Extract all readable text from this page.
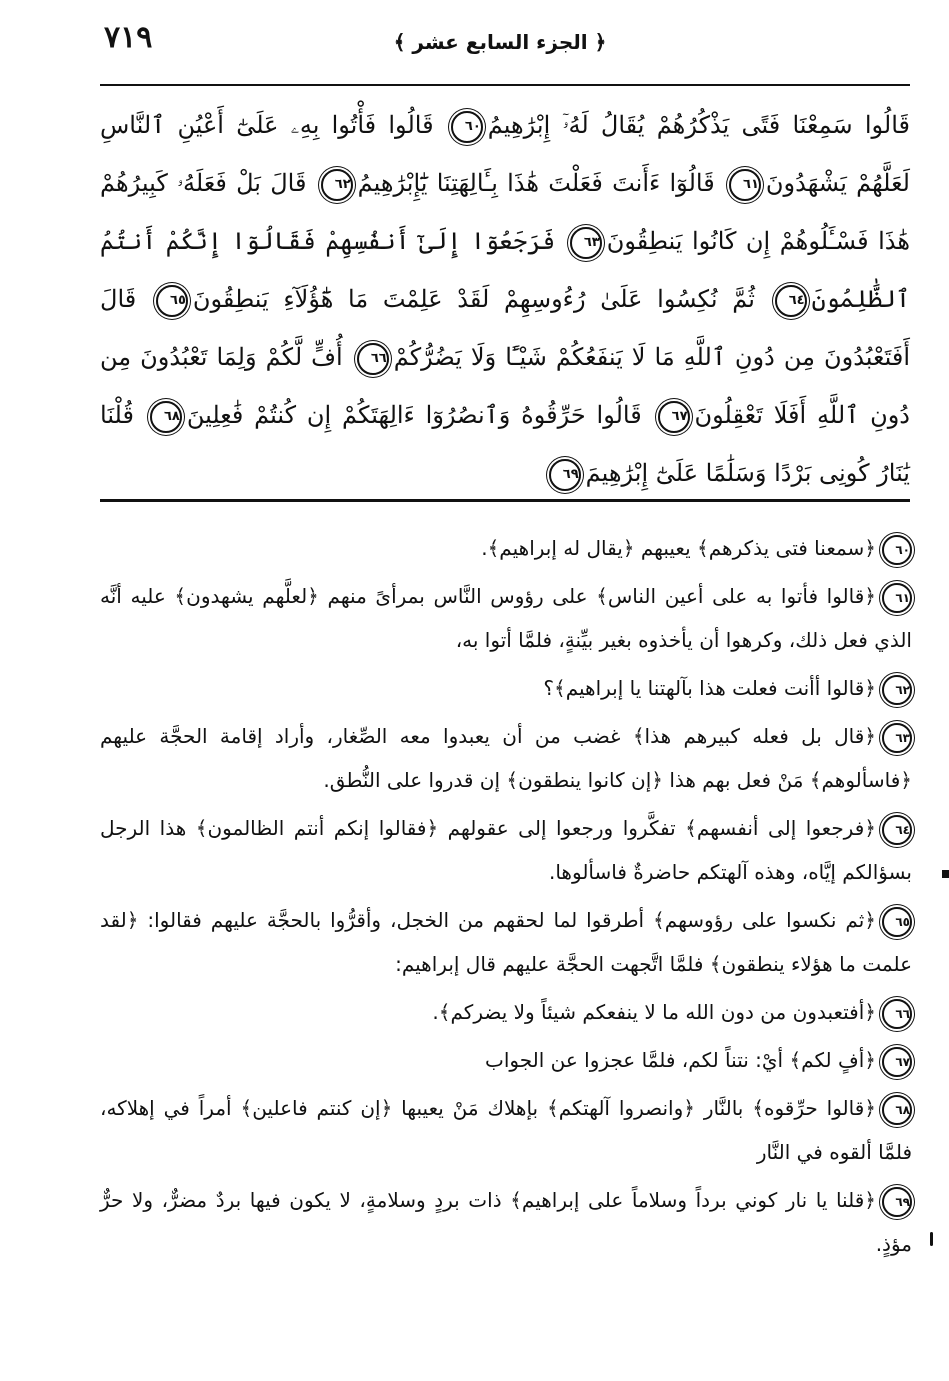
٧١٩	﴿ الجزء السابع عشر ﴾
قَالُوا سَمِعْنَا فَتًى يَذْكُرُهُمْ يُقَالُ لَهُۥٓ إِبْرَٰهِيمُ٦٠ قَالُوا فَأْتُوا بِهِۦ عَلَىٰٓ أَعْيُنِ ٱلنَّاسِ لَعَلَّهُمْ يَشْهَدُونَ٦١ قَالُوٓا ءَأَنتَ فَعَلْتَ هَٰذَا بِـَٔالِهَتِنَا يَٰٓإِبْرَٰهِيمُ٦٢ قَالَ بَلْ فَعَلَهُۥ كَبِيرُهُمْ هَٰذَا فَسْـَٔلُوهُمْ إِن كَانُوا يَنطِقُونَ٦٣ فَرَجَعُوٓا إِلَىٰٓ أَنفُسِهِمْ فَقَالُوٓا إِنَّكُمْ أَنتُمُ ٱلظَّٰلِمُونَ٦٤ ثُمَّ نُكِسُوا عَلَىٰ رُءُوسِهِمْ لَقَدْ عَلِمْتَ مَا هَٰٓؤُلَآءِ يَنطِقُونَ٦٥ قَالَ أَفَتَعْبُدُونَ مِن دُونِ ٱللَّهِ مَا لَا يَنفَعُكُمْ شَيْـًٔا وَلَا يَضُرُّكُمْ٦٦ أُفٍّ لَّكُمْ وَلِمَا تَعْبُدُونَ مِن دُونِ ٱللَّهِ أَفَلَا تَعْقِلُونَ٦٧ قَالُوا حَرِّقُوهُ وَٱنصُرُوٓا ءَالِهَتَكُمْ إِن كُنتُمْ فَٰعِلِينَ٦٨ قُلْنَا يَٰنَارُ كُونِى بَرْدًا وَسَلَٰمًا عَلَىٰٓ إِبْرَٰهِيمَ٦٩

٦٠﴿سمعنا فتى يذكرهم﴾ يعيبهم ﴿يقال له إبراهيم﴾.

٦١﴿قالوا فأتوا به على أعين الناس﴾ على رؤوس النَّاس بمرأىً منهم ﴿لعلَّهم يشهدون﴾ عليه أنَّه الذي فعل ذلك، وكرهوا أن يأخذوه بغير بيِّنةٍ، فلمَّا أتوا به،

٦٢﴿قالوا أأنت فعلت هذا بآلهتنا يا إبراهيم﴾؟

٦٣﴿قال بل فعله كبيرهم هذا﴾ غضب من أن يعبدوا معه الصِّغار، وأراد إقامة الحجَّة عليهم ﴿فاسألوهم﴾ مَنْ فعل بهم هذا ﴿إن كانوا ينطقون﴾ إن قدروا على النُّطق.

٦٤﴿فرجعوا إلى أنفسهم﴾ تفكَّروا ورجعوا إلى عقولهم ﴿فقالوا إنكم أنتم الظالمون﴾ هذا الرجل بسؤالكم إيَّاه، وهذه آلهتكم حاضرةٌ فاسألوها.

٦٥﴿ثم نكسوا على رؤوسهم﴾ أطرقوا لما لحقهم من الخجل، وأقرُّوا بالحجَّة عليهم فقالوا: ﴿لقد علمت ما هؤلاء ينطقون﴾ فلمَّا اتَّجهت الحجَّة عليهم قال إبراهيم:

٦٦﴿أفتعبدون من دون الله ما لا ينفعكم شيئاً ولا يضركم﴾.

٦٧﴿أفٍ لكم﴾ أيْ: نتناً لكم، فلمَّا عجزوا عن الجواب

٦٨﴿قالوا حرِّقوه﴾ بالنَّار ﴿وانصروا آلهتكم﴾ بإهلاك مَنْ يعيبها ﴿إن كنتم فاعلين﴾ أمراً في إهلاكه، فلمَّا ألقوه في النَّار

٦٩﴿قلنا يا نار كوني برداً وسلاماً على إبراهيم﴾ ذات بردٍ وسلامةٍ، لا يكون فيها بردٌ مضرٌّ، ولا حرٌّ مؤذٍ.
